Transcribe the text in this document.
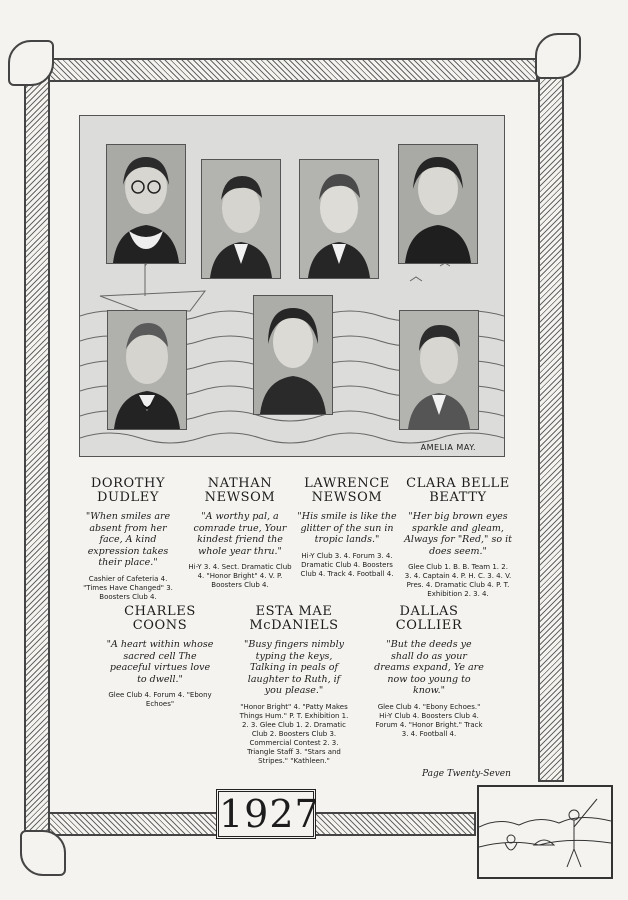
AMELIA MAY.
DOROTHY
DUDLEY
"When smiles are absent from her face, A kind expression takes their place."
Cashier of Cafeteria 4. "Times Have Changed" 3. Boosters Club 4.
NATHAN
NEWSOM
"A worthy pal, a comrade true, Your kindest friend the whole year thru."
Hi-Y 3. 4. Sect. Dramatic Club 4. "Honor Bright" 4. V. P. Boosters Club 4.
LAWRENCE
NEWSOM
"His smile is like the glitter of the sun in tropic lands."
Hi-Y Club 3. 4. Forum 3. 4. Dramatic Club 4. Boosters Club 4. Track 4. Football 4.
CLARA BELLE
BEATTY
"Her big brown eyes sparkle and gleam, Always for "Red," so it does seem."
Glee Club 1. B. B. Team 1. 2. 3. 4. Captain 4. P. H. C. 3. 4. V. Pres. 4. Dramatic Club 4. P. T. Exhibition 2. 3. 4.
CHARLES
COONS
"A heart within whose sacred cell The peaceful virtues love to dwell."
Glee Club 4. Forum 4. "Ebony Echoes"
ESTA MAE
McDANIELS
"Busy fingers nimbly typing the keys, Talking in peals of laughter to Ruth, if you please."
"Honor Bright" 4. "Patty Makes Things Hum." P. T. Exhibition 1. 2. 3. Glee Club 1. 2. Dramatic Club 2. Boosters Club 3. Commercial Contest 2. 3. Triangle Staff 3. "Stars and Stripes." "Kathleen."
DALLAS
COLLIER
"But the deeds ye shall do as your dreams expand, Ye are now too young to know."
Glee Club 4. "Ebony Echoes." Hi-Y Club 4. Boosters Club 4. Forum 4. "Honor Bright." Track 3. 4. Football 4.
Page Twenty-Seven
1927
